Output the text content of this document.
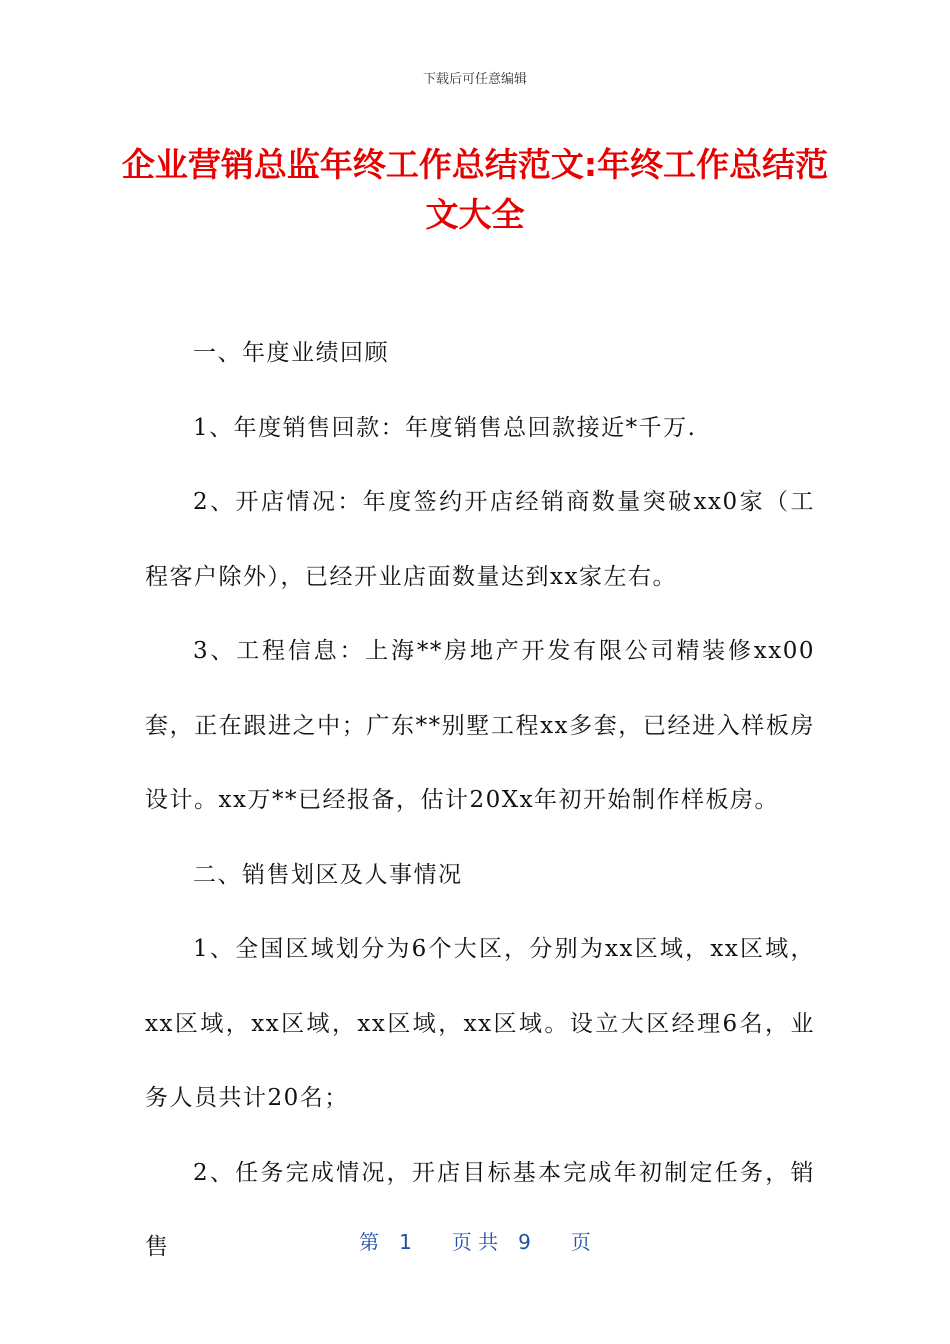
下载后可任意编辑
企业营销总监年终工作总结范文:年终工作总结范文大全

一、年度业绩回顾

1、年度销售回款：年度销售总回款接近*千万.

2、开店情况：年度签约开店经销商数量突破xx0家（工程客户除外），已经开业店面数量达到xx家左右。

3、工程信息：上海**房地产开发有限公司精装修xx00套，正在跟进之中；广东**别墅工程xx多套，已经进入样板房设计。xx万**已经报备，估计20Xx年初开始制作样板房。

二、销售划区及人事情况

1、全国区域划分为6个大区，分别为xx区域，xx区域，xx区域，xx区域，xx区域，xx区域。设立大区经理6名，业务人员共计20名；

2、任务完成情况，开店目标基本完成年初制定任务，销售	第　1　　页 共　9　　页
